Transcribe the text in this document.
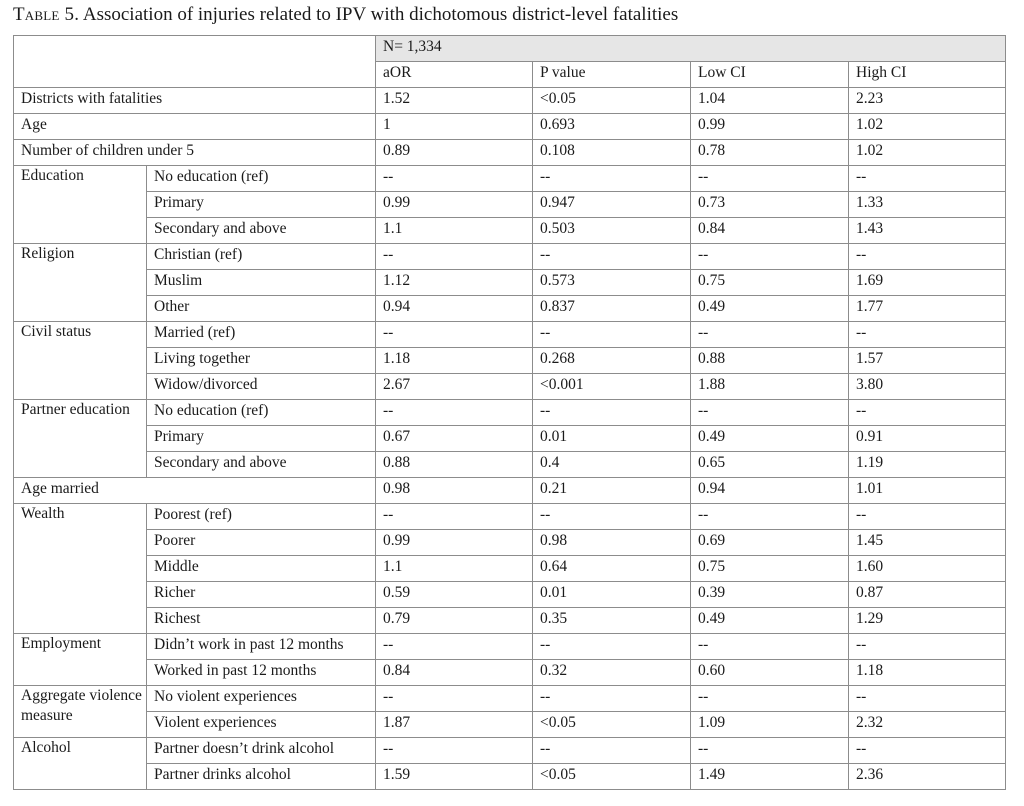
Table 5. Association of injuries related to IPV with dichotomous district-level fatalities
		N= 1,334			
		aOR	P value	Low CI	High CI
Districts with fatalities		1.52	<0.05	1.04	2.23
Age		1	0.693	0.99	1.02
Number of children under 5		0.89	0.108	0.78	1.02
Education	No education (ref)	--	--	--	--
	Primary	0.99	0.947	0.73	1.33
	Secondary and above	1.1	0.503	0.84	1.43
Religion	Christian (ref)	--	--	--	--
	Muslim	1.12	0.573	0.75	1.69
	Other	0.94	0.837	0.49	1.77
Civil status	Married (ref)	--	--	--	--
	Living together	1.18	0.268	0.88	1.57
	Widow/divorced	2.67	<0.001	1.88	3.80
Partner education	No education (ref)	--	--	--	--
	Primary	0.67	0.01	0.49	0.91
	Secondary and above	0.88	0.4	0.65	1.19
Age married		0.98	0.21	0.94	1.01
Wealth	Poorest (ref)	--	--	--	--
	Poorer	0.99	0.98	0.69	1.45
	Middle	1.1	0.64	0.75	1.60
	Richer	0.59	0.01	0.39	0.87
	Richest	0.79	0.35	0.49	1.29
Employment	Didn’t work in past 12 months	--	--	--	--
	Worked in past 12 months	0.84	0.32	0.60	1.18
Aggregate violence measure	No violent experiences	--	--	--	--
	Violent experiences	1.87	<0.05	1.09	2.32
Alcohol	Partner doesn’t drink alcohol	--	--	--	--
	Partner drinks alcohol	1.59	<0.05	1.49	2.36
